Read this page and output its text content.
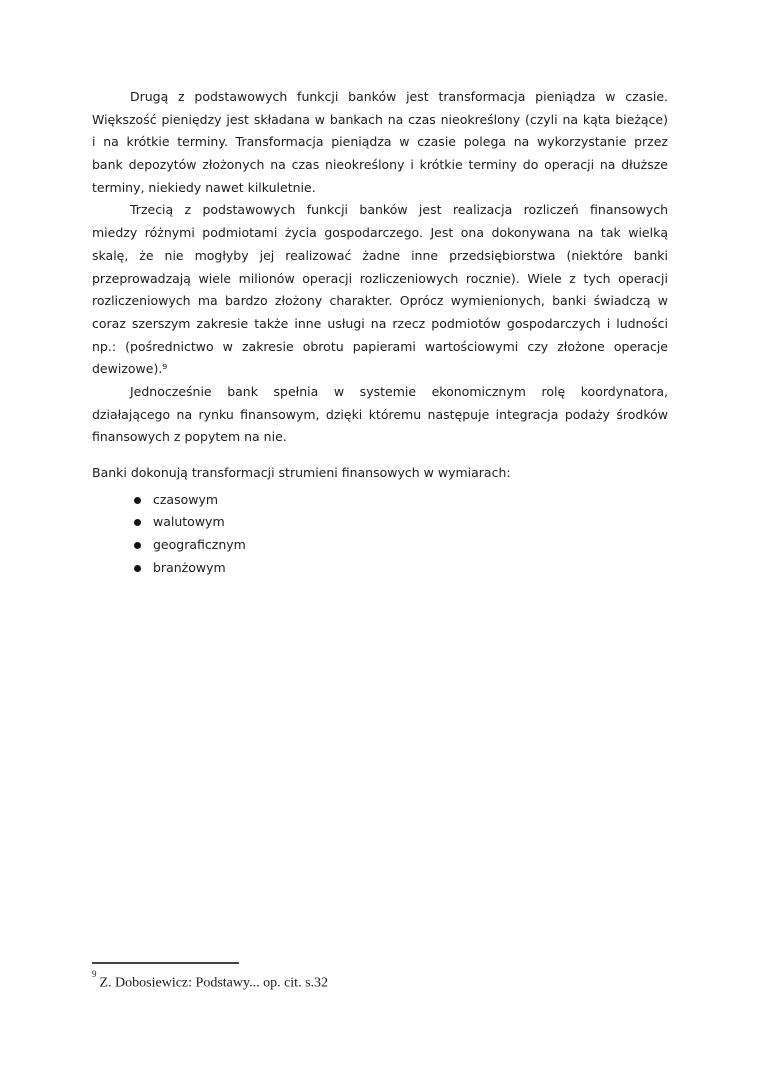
Drugą z podstawowych funkcji banków jest transformacja pieniądza w czasie.
Większość pieniędzy jest składana w bankach na czas nieokreślony (czyli na kąta bieżące)
i na krótkie terminy. Transformacja pieniądza w czasie polega na wykorzystanie przez
bank depozytów złożonych na czas nieokreślony i krótkie terminy do operacji na dłuższe
terminy, niekiedy nawet kilkuletnie.
Trzecią z podstawowych funkcji banków jest realizacja rozliczeń finansowych
miedzy różnymi podmiotami życia gospodarczego. Jest ona dokonywana na tak wielką
skalę, że nie mogłyby jej realizować żadne inne przedsiębiorstwa (niektóre banki
przeprowadzają wiele milionów operacji rozliczeniowych rocznie). Wiele z tych operacji
rozliczeniowych ma bardzo złożony charakter. Oprócz wymienionych, banki świadczą w
coraz szerszym zakresie także inne usługi na rzecz podmiotów gospodarczych i ludności
np.: (pośrednictwo w zakresie obrotu papierami wartościowymi czy złożone operacje
dewizowe).⁹
Jednocześnie bank spełnia w systemie ekonomicznym rolę koordynatora,
działającego na rynku finansowym, dzięki któremu następuje integracja podaży środków
finansowych z popytem na nie.
Banki dokonują transformacji strumieni finansowych w wymiarach:
czasowym
walutowym
geograficznym
branżowym
$^9$Z. Dobosiewicz: Podstawy... op. cit. s.32
